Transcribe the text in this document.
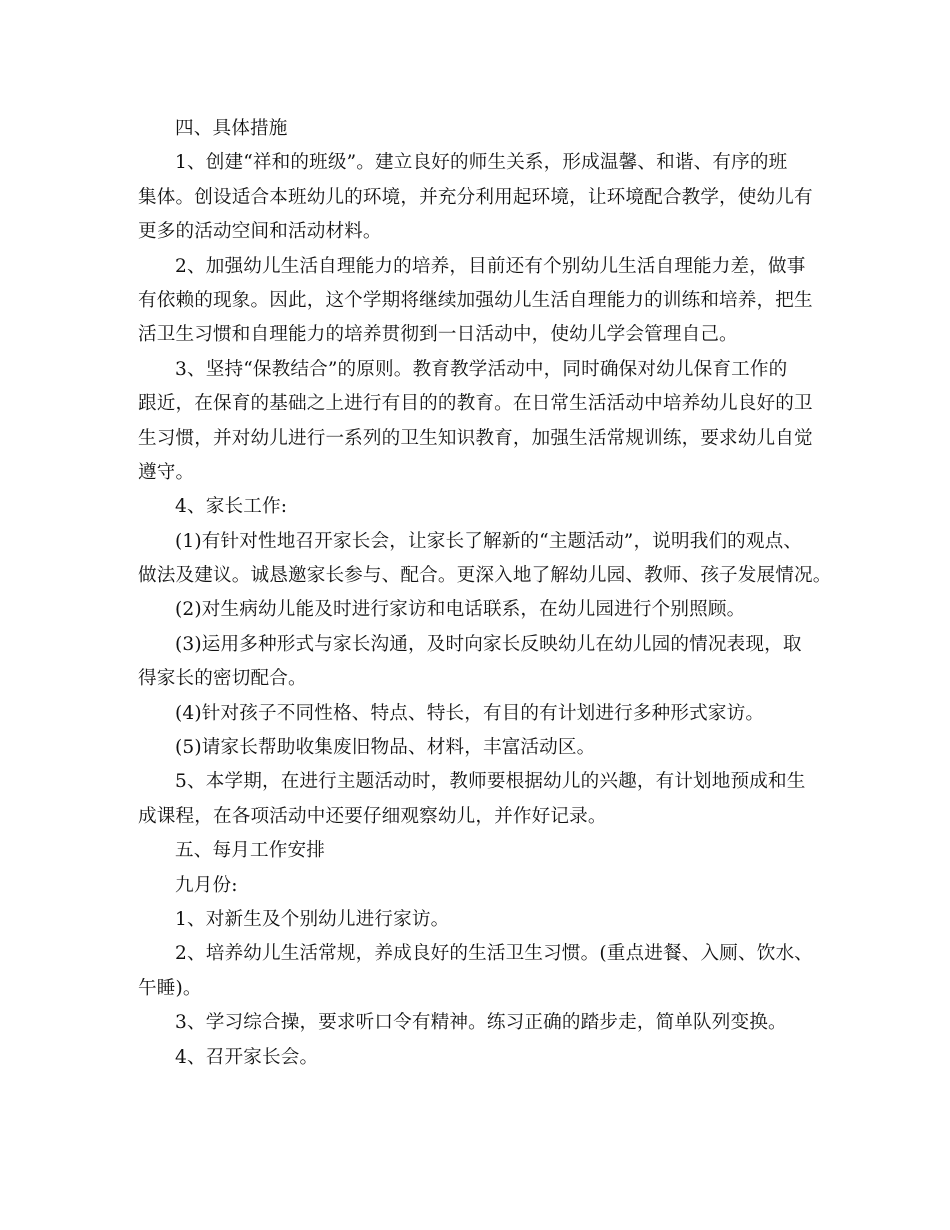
四、具体措施
1、创建“祥和的班级”。建立良好的师生关系，形成温馨、和谐、有序的班
集体。创设适合本班幼儿的环境，并充分利用起环境，让环境配合教学，使幼儿有
更多的活动空间和活动材料。
2、加强幼儿生活自理能力的培养，目前还有个别幼儿生活自理能力差，做事
有依赖的现象。因此，这个学期将继续加强幼儿生活自理能力的训练和培养，把生
活卫生习惯和自理能力的培养贯彻到一日活动中，使幼儿学会管理自己。
3、坚持“保教结合”的原则。教育教学活动中，同时确保对幼儿保育工作的
跟近，在保育的基础之上进行有目的的教育。在日常生活活动中培养幼儿良好的卫
生习惯，并对幼儿进行一系列的卫生知识教育，加强生活常规训练，要求幼儿自觉
遵守。
4、家长工作:
(1)有针对性地召开家长会，让家长了解新的“主题活动”，说明我们的观点、
做法及建议。诚恳邀家长参与、配合。更深入地了解幼儿园、教师、孩子发展情况。
(2)对生病幼儿能及时进行家访和电话联系，在幼儿园进行个别照顾。
(3)运用多种形式与家长沟通，及时向家长反映幼儿在幼儿园的情况表现，取
得家长的密切配合。
(4)针对孩子不同性格、特点、特长，有目的有计划进行多种形式家访。
(5)请家长帮助收集废旧物品、材料，丰富活动区。
5、本学期，在进行主题活动时，教师要根据幼儿的兴趣，有计划地预成和生
成课程，在各项活动中还要仔细观察幼儿，并作好记录。
五、每月工作安排
九月份:
1、对新生及个别幼儿进行家访。
2、培养幼儿生活常规，养成良好的生活卫生习惯。(重点进餐、入厕、饮水、
午睡)。
3、学习综合操，要求听口令有精神。练习正确的踏步走，简单队列变换。
4、召开家长会。
